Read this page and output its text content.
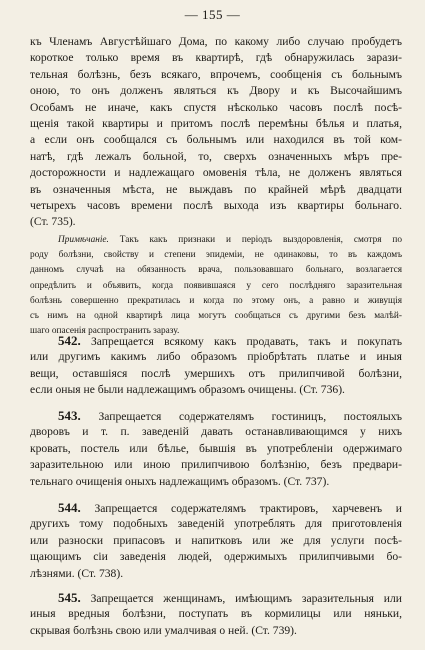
— 155 —
къ Членамъ Августѣйшаго Дома, по какому либо случаю пробудетъ
короткое только время въ квартирѣ, гдѣ обнаружилась зарази-
тельная болѣзнь, безъ всякаго, впрочемъ, сообщенія съ больнымъ
оною, то онъ долженъ являться къ Двору и къ Высочайшимъ
Особамъ не иначе, какъ спустя нѣсколько часовъ послѣ посѣ-
щенія такой квартиры и притомъ послѣ перемѣны бѣлья и платья,
а если онъ сообщался съ больнымъ или находился въ той ком-
натѣ, гдѣ лежалъ больной, то, сверхъ означенныхъ мѣръ пре-
досторожности и надлежащаго омовенія тѣла, не долженъ являться
въ означенныя мѣста, не выждавъ по крайней мѣрѣ двадцати
четырехъ часовъ времени послѣ выхода изъ квартиры больнаго.
(Ст. 735).
Примѣчаніе. Такъ какъ признаки и періодъ выздоровленія, смотря по
роду болѣзни, свойству и степени эпидеміи, не одинаковы, то въ каждомъ
данномъ случаѣ на обязанность врача, пользовавшаго больнаго, возлагается
опредѣлить и объявить, когда появившаяся у сего послѣдняго заразительная
болѣзнь совершенно прекратилась и когда по этому онъ, а равно и живущія
съ нимъ на одной квартирѣ лица могутъ сообщаться съ другими безъ малѣй-
шаго опасенія распространить заразу.
542. Запрещается всякому какъ продавать, такъ и покупать
или другимъ какимъ либо образомъ пріобрѣтать платье и иныя
вещи, оставшіяся послѣ умершихъ отъ прилипчивой болѣзни,
если оныя не были надлежащимъ образомъ очищены. (Ст. 736).
543. Запрещается содержателямъ гостиницъ, постоялыхъ
дворовъ и т. п. заведеній давать останавливающимся у нихъ
кровать, постель или бѣлье, бывшія въ употребленіи одержимаго
заразительною или иною прилипчивою болѣзнію, безъ предвари-
тельнаго очищенія оныхъ надлежащимъ образомъ. (Ст. 737).
544. Запрещается содержателямъ трактировъ, харчевенъ и
другихъ тому подобныхъ заведеній употреблять для приготовленія
или разноски припасовъ и напитковъ или же для услуги посѣ-
щающимъ сіи заведенія людей, одержимыхъ прилипчивыми бо-
лѣзнями. (Ст. 738).
545. Запрещается женщинамъ, имѣющимъ заразительныя или
иныя вредныя болѣзни, поступать въ кормилицы или няньки,
скрывая болѣзнь свою или умалчивая о ней. (Ст. 739).
